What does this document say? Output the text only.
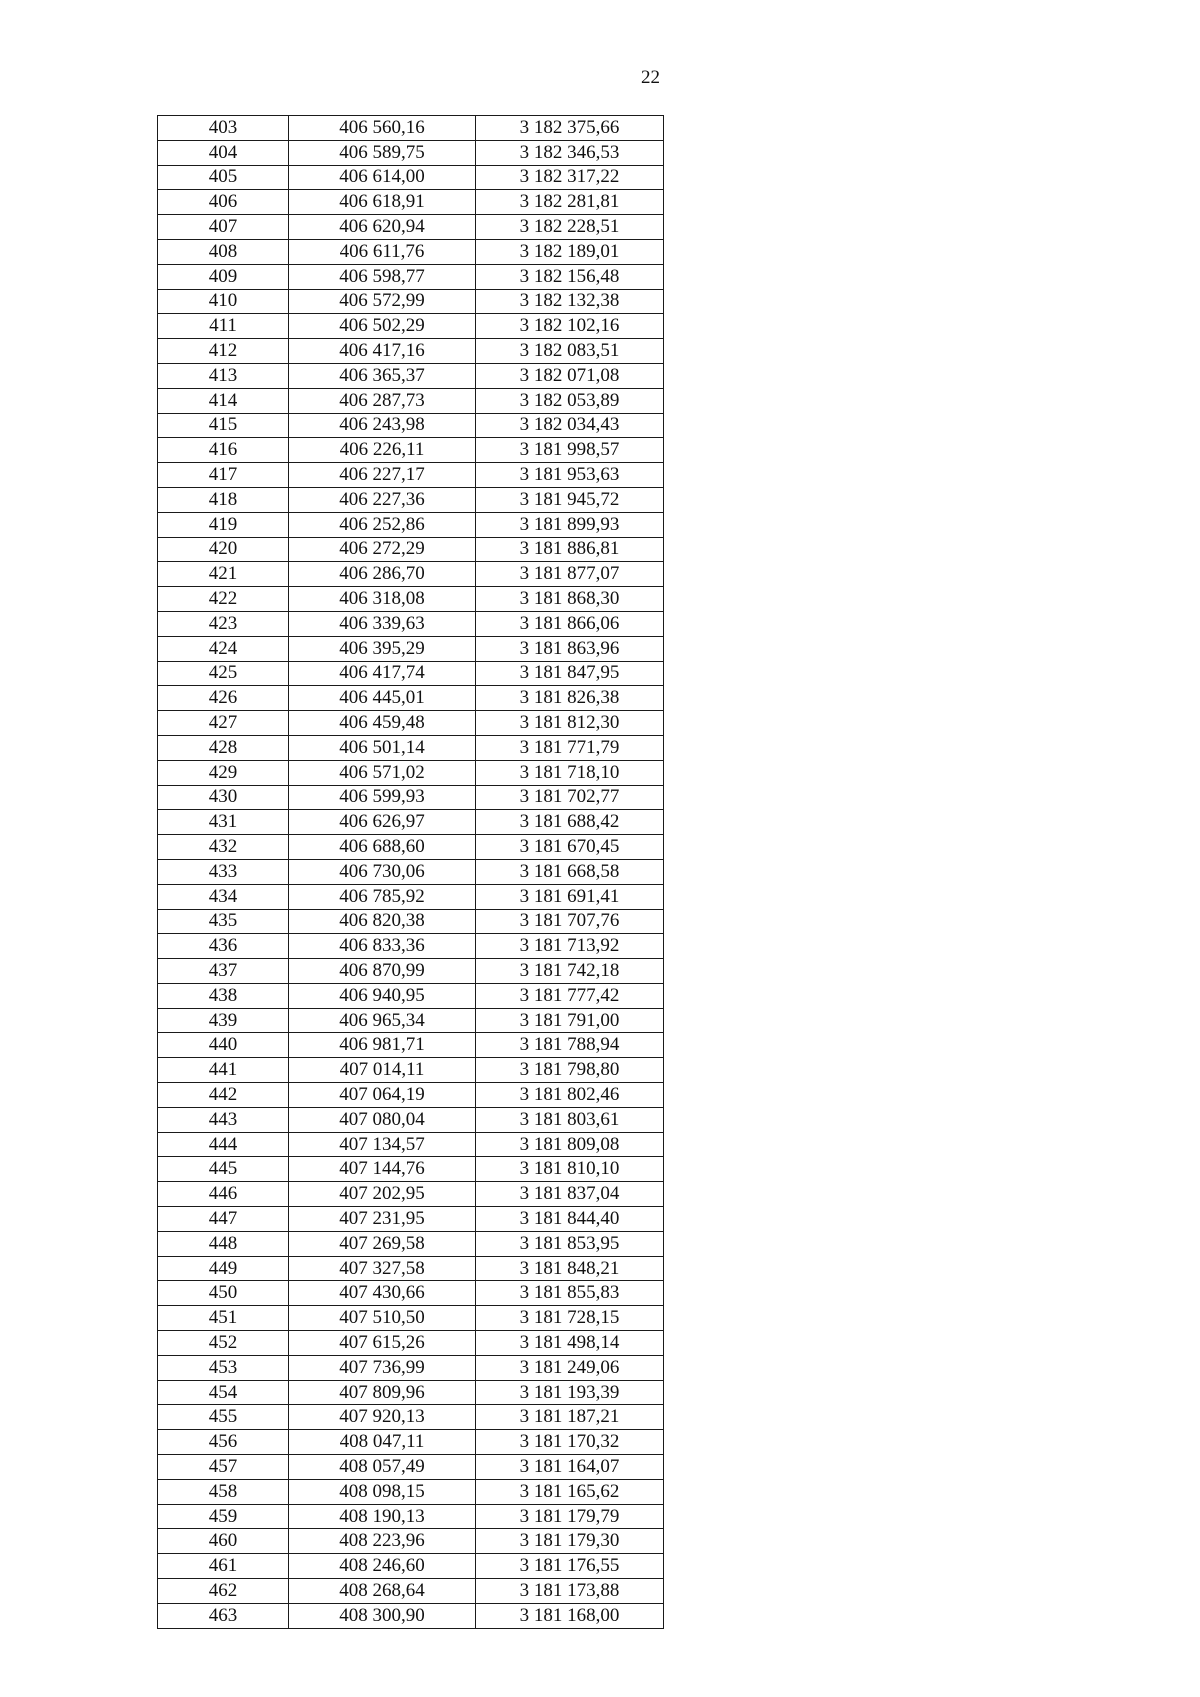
22
403	406 560,16	3 182 375,66
404	406 589,75	3 182 346,53
405	406 614,00	3 182 317,22
406	406 618,91	3 182 281,81
407	406 620,94	3 182 228,51
408	406 611,76	3 182 189,01
409	406 598,77	3 182 156,48
410	406 572,99	3 182 132,38
411	406 502,29	3 182 102,16
412	406 417,16	3 182 083,51
413	406 365,37	3 182 071,08
414	406 287,73	3 182 053,89
415	406 243,98	3 182 034,43
416	406 226,11	3 181 998,57
417	406 227,17	3 181 953,63
418	406 227,36	3 181 945,72
419	406 252,86	3 181 899,93
420	406 272,29	3 181 886,81
421	406 286,70	3 181 877,07
422	406 318,08	3 181 868,30
423	406 339,63	3 181 866,06
424	406 395,29	3 181 863,96
425	406 417,74	3 181 847,95
426	406 445,01	3 181 826,38
427	406 459,48	3 181 812,30
428	406 501,14	3 181 771,79
429	406 571,02	3 181 718,10
430	406 599,93	3 181 702,77
431	406 626,97	3 181 688,42
432	406 688,60	3 181 670,45
433	406 730,06	3 181 668,58
434	406 785,92	3 181 691,41
435	406 820,38	3 181 707,76
436	406 833,36	3 181 713,92
437	406 870,99	3 181 742,18
438	406 940,95	3 181 777,42
439	406 965,34	3 181 791,00
440	406 981,71	3 181 788,94
441	407 014,11	3 181 798,80
442	407 064,19	3 181 802,46
443	407 080,04	3 181 803,61
444	407 134,57	3 181 809,08
445	407 144,76	3 181 810,10
446	407 202,95	3 181 837,04
447	407 231,95	3 181 844,40
448	407 269,58	3 181 853,95
449	407 327,58	3 181 848,21
450	407 430,66	3 181 855,83
451	407 510,50	3 181 728,15
452	407 615,26	3 181 498,14
453	407 736,99	3 181 249,06
454	407 809,96	3 181 193,39
455	407 920,13	3 181 187,21
456	408 047,11	3 181 170,32
457	408 057,49	3 181 164,07
458	408 098,15	3 181 165,62
459	408 190,13	3 181 179,79
460	408 223,96	3 181 179,30
461	408 246,60	3 181 176,55
462	408 268,64	3 181 173,88
463	408 300,90	3 181 168,00
